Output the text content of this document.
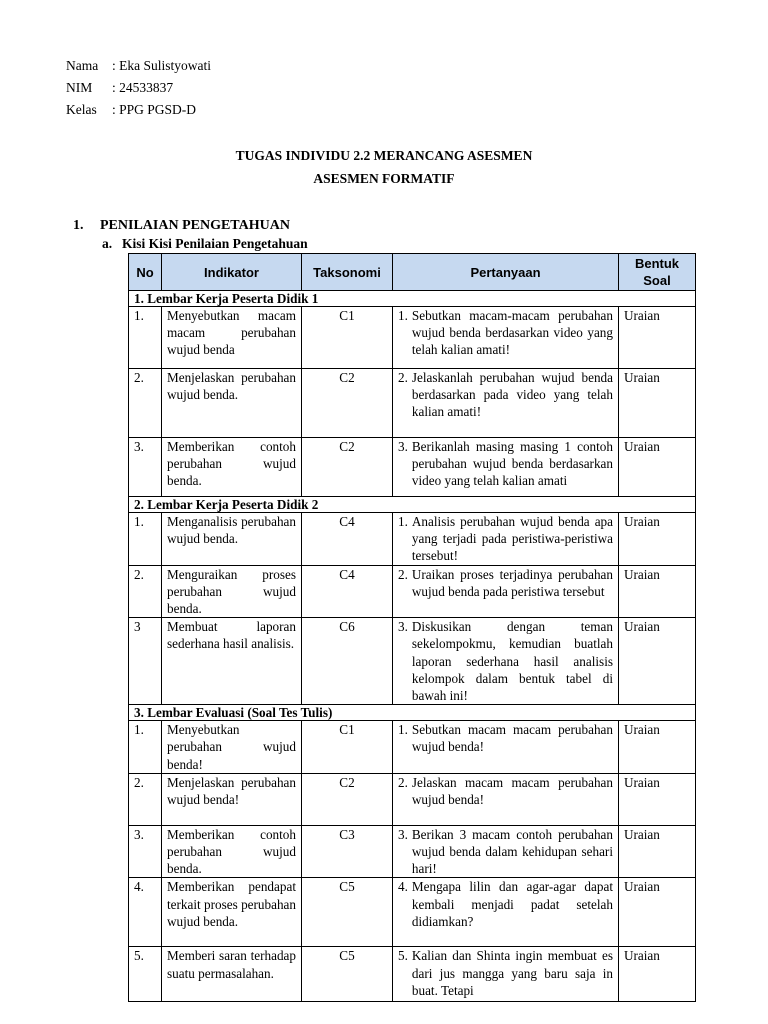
Nama : Eka Sulistyowati
NIM : 24533837
Kelas : PPG PGSD-D
TUGAS INDIVIDU 2.2 MERANCANG ASESMEN
ASESMEN FORMATIF
1. PENILAIAN PENGETAHUAN
a. Kisi Kisi Penilaian Pengetahuan
No	Indikator	Taksonomi	Pertanyaan	Bentuk Soal
1. Lembar Kerja Peserta Didik 1				
1.	Menyebutkan macam macam perubahan wujud benda	C1	1. Sebutkan macam-macam perubahan wujud benda berdasarkan video yang telah kalian amati!	Uraian
2.	Menjelaskan perubahan wujud benda.	C2	2. Jelaskanlah perubahan wujud benda berdasarkan pada video yang telah kalian amati!	Uraian
3.	Memberikan contoh perubahan wujud benda.	C2	3. Berikanlah masing masing 1 contoh perubahan wujud benda berdasarkan video yang telah kalian amati	Uraian
2. Lembar Kerja Peserta Didik 2				
1.	Menganalisis perubahan wujud benda.	C4	1. Analisis perubahan wujud benda apa yang terjadi pada peristiwa-peristiwa tersebut!	Uraian
2.	Menguraikan proses perubahan wujud benda.	C4	2. Uraikan proses terjadinya perubahan wujud benda pada peristiwa tersebut	Uraian
3	Membuat laporan sederhana hasil analisis.	C6	3. Diskusikan dengan teman sekelompokmu, kemudian buatlah laporan sederhana hasil analisis kelompok dalam bentuk tabel di bawah ini!	Uraian
3. Lembar Evaluasi (Soal Tes Tulis)				
1.	Menyebutkan perubahan wujud benda!	C1	1. Sebutkan macam macam perubahan wujud benda!	Uraian
2.	Menjelaskan perubahan wujud benda!	C2	2. Jelaskan macam macam perubahan wujud benda!	Uraian
3.	Memberikan contoh perubahan wujud benda.	C3	3. Berikan 3 macam contoh perubahan wujud benda dalam kehidupan sehari hari!	Uraian
4.	Memberikan pendapat terkait proses perubahan wujud benda.	C5	4. Mengapa lilin dan agar-agar dapat kembali menjadi padat setelah didiamkan?	Uraian
5.	Memberi saran terhadap suatu permasalahan.	C5	5. Kalian dan Shinta ingin membuat es dari jus mangga yang baru saja in buat. Tetapi	Uraian
